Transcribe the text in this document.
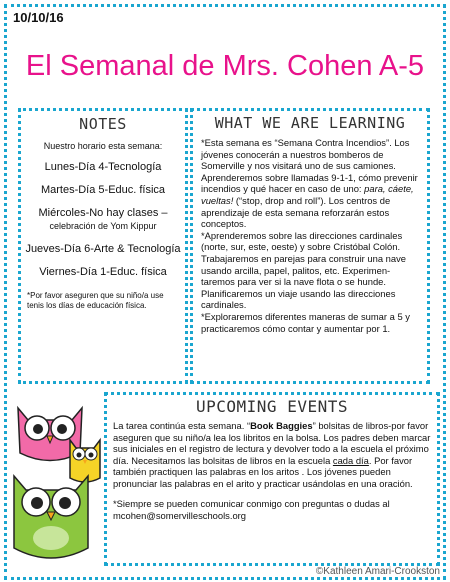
10/10/16
El Semanal de Mrs. Cohen A-5
NOTES
Nuestro horario esta semana:
Lunes-Día 4-Tecnología
Martes-Día 5-Educ. física
Miércoles-No hay clases –
celebración de Yom Kippur
Jueves-Día 6-Arte & Tecnología
Viernes-Día 1-Educ. física
*Por favor aseguren que su niño/a use tenis los días de educación física.
WHAT WE ARE LEARNING
*Esta semana es “Semana Contra Incendios”. Los jóvenes conocerán a nuestros bomberos de Somerville y nos visitará uno de sus camiones. Aprenderemos sobre llamadas 9-1-1, cómo prevenir incendios y qué hacer en caso de uno: para, cáete, vueltas! (“stop, drop and roll”). Los centros de aprendizaje de esta semana reforzarán estos conceptos.
*Aprenderemos sobre las direcciones cardinales (norte, sur, este, oeste) y sobre Cristóbal Colón. Trabajaremos en parejas para construir una nave usando arcilla, papel, palitos, etc. Experimen-taremos para ver si la nave flota o se hunde. Planificaremos un viaje usando las direcciones cardinales.
*Exploraremos diferentes maneras de sumar a 5 y practicaremos cómo contar y aumentar por 1.
UPCOMING EVENTS

La tarea continúa esta semana. “Book Baggies” bolsitas de libros-por favor aseguren que su niño/a lea los libritos en la bolsa. Los padres deben marcar sus iniciales en el registro de lectura y devolver todo a la escuela el próximo día. Necesitamos las bolsitas de libros en la escuela cada día. Por favor también practiquen las palabras en los aritos . Los jóvenes pueden pronunciar las palabras en el arito y practicar usándolas en una oración.

*Siempre se pueden comunicar conmigo con preguntas o dudas al mcohen@somervilleschools.org

©Kathleen Amari-Crookston
